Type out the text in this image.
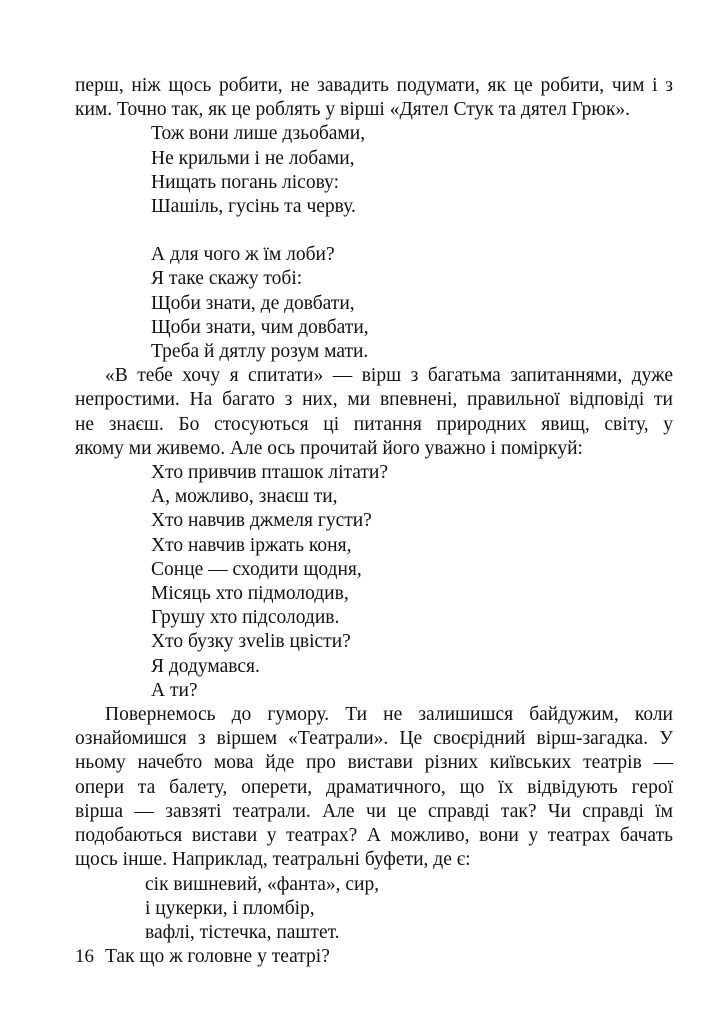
перш, ніж щось робити, не завадить подумати, як це робити, чим і з
ким. Точно так, як це роблять у вірші «Дятел Стук та дятел Грюк».

Тож вони лише дзьобами,
Не крильми і не лобами,
Нищать погань лісову:
Шашіль, гусінь та черву.
А для чого ж їм лоби?
Я таке скажу тобі:
Щоби знати, де довбати,
Щоби знати, чим довбати,
Треба й дятлу розум мати.

«В тебе хочу я спитати» — вірш з багатьма запитаннями, дуже
непростими. На багато з них, ми впевнені, правильної відповіді ти
не знаєш. Бо стосуються ці питання природних явищ, світу, у
якому ми живемо. Але ось прочитай його уважно і поміркуй:

Хто привчив пташок літати?
А, можливо, знаєш ти,
Хто навчив джмеля густи?
Хто навчив іржать коня,
Сонце — сходити щодня,
Місяць хто підмолодив,
Грушу хто підсолодив.
Хто бузку зvelів цвісти?
Я додумався.
А ти?

Повернемось до гумору. Ти не залишишся байдужим, коли
ознайомишся з віршем «Театрали». Це своєрідний вірш-загадка. У
ньому начебто мова йде про вистави різних київських театрів —
опери та балету, оперети, драматичного, що їх відвідують герої
вірша — завзяті театрали. Але чи це справді так? Чи справді їм
подобаються вистави у театрах? А можливо, вони у театрах бачать
щось інше. Наприклад, театральні буфети, де є:

сік вишневий, «фанта», сир,
і цукерки, і пломбір,
вафлі, тістечка, паштет.

Так що ж головне у театрі?

16
